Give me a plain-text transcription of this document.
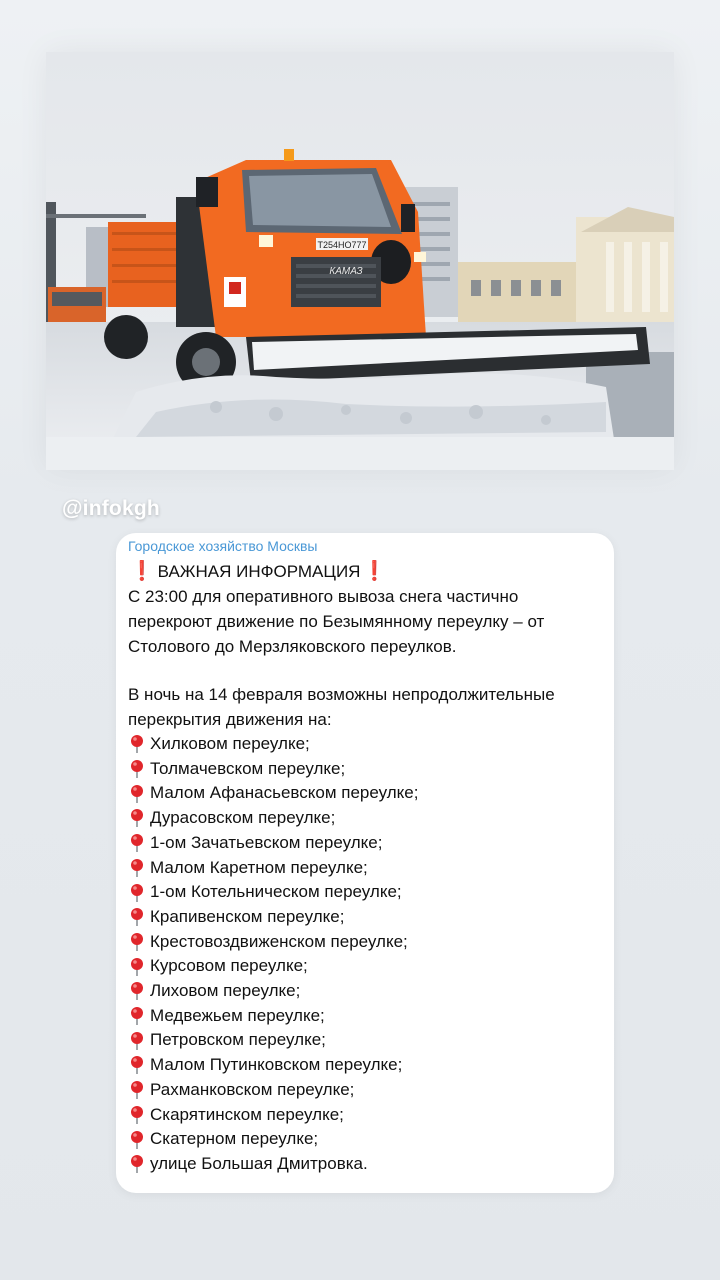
Т254НО777
КАМАЗ
@infokgh
Городское хозяйство Москвы
❗ ВАЖНАЯ ИНФОРМАЦИЯ ❗

С 23:00 для оперативного вывоза снега частично перекроют движение по Безымянному переулку – от Столового до Мерзляковского переулков.

В ночь на 14 февраля возможны непродолжительные перекрытия движения на:

Хилковом переулке;
Толмачевском переулке;
Малом Афанасьевском переулке;
Дурасовском переулке;
1-ом Зачатьевском переулке;
Малом Каретном переулке;
1-ом Котельническом переулке;
Крапивенском переулке;
Крестовоздвиженском переулке;
Курсовом переулке;
Лиховом переулке;
Медвежьем переулке;
Петровском переулке;
Малом Путинковском переулке;
Рахманковском переулке;
Скарятинском переулке;
Скатерном переулке;
улице Большая Дмитровка.
